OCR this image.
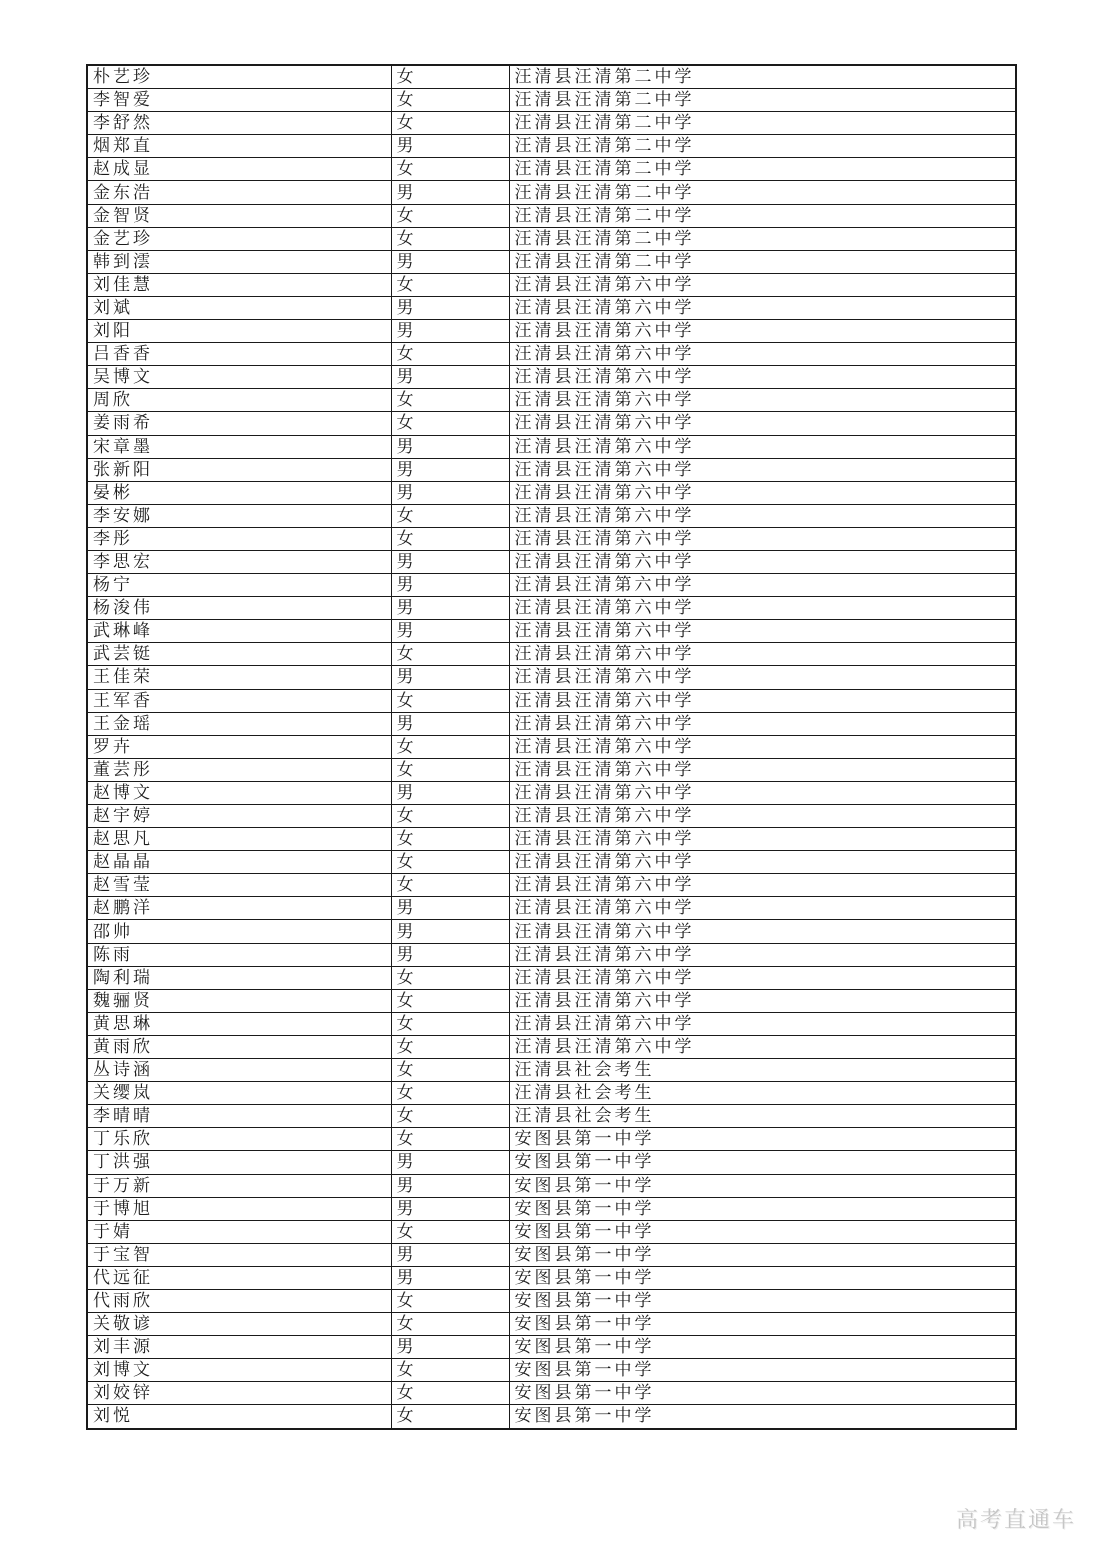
朴艺珍	女	汪清县汪清第二中学
李智爱	女	汪清县汪清第二中学
李舒然	女	汪清县汪清第二中学
烟郑直	男	汪清县汪清第二中学
赵成显	女	汪清县汪清第二中学
金东浩	男	汪清县汪清第二中学
金智贤	女	汪清县汪清第二中学
金艺珍	女	汪清县汪清第二中学
韩到澐	男	汪清县汪清第二中学
刘佳慧	女	汪清县汪清第六中学
刘斌	男	汪清县汪清第六中学
刘阳	男	汪清县汪清第六中学
吕香香	女	汪清县汪清第六中学
吴博文	男	汪清县汪清第六中学
周欣	女	汪清县汪清第六中学
姜雨希	女	汪清县汪清第六中学
宋章墨	男	汪清县汪清第六中学
张新阳	男	汪清县汪清第六中学
晏彬	男	汪清县汪清第六中学
李安娜	女	汪清县汪清第六中学
李彤	女	汪清县汪清第六中学
李思宏	男	汪清县汪清第六中学
杨宁	男	汪清县汪清第六中学
杨浚伟	男	汪清县汪清第六中学
武琳峰	男	汪清县汪清第六中学
武芸铤	女	汪清县汪清第六中学
王佳荣	男	汪清县汪清第六中学
王军香	女	汪清县汪清第六中学
王金瑶	男	汪清县汪清第六中学
罗卉	女	汪清县汪清第六中学
董芸彤	女	汪清县汪清第六中学
赵博文	男	汪清县汪清第六中学
赵宇婷	女	汪清县汪清第六中学
赵思凡	女	汪清县汪清第六中学
赵晶晶	女	汪清县汪清第六中学
赵雪莹	女	汪清县汪清第六中学
赵鹏洋	男	汪清县汪清第六中学
邵帅	男	汪清县汪清第六中学
陈雨	男	汪清县汪清第六中学
陶利瑞	女	汪清县汪清第六中学
魏骊贤	女	汪清县汪清第六中学
黄思琳	女	汪清县汪清第六中学
黄雨欣	女	汪清县汪清第六中学
丛诗涵	女	汪清县社会考生
关缨岚	女	汪清县社会考生
李晴晴	女	汪清县社会考生
丁乐欣	女	安图县第一中学
丁洪强	男	安图县第一中学
于万新	男	安图县第一中学
于博旭	男	安图县第一中学
于婧	女	安图县第一中学
于宝智	男	安图县第一中学
代远征	男	安图县第一中学
代雨欣	女	安图县第一中学
关敬谚	女	安图县第一中学
刘丰源	男	安图县第一中学
刘博文	女	安图县第一中学
刘姣锌	女	安图县第一中学
刘悦	女	安图县第一中学
高考直通车
